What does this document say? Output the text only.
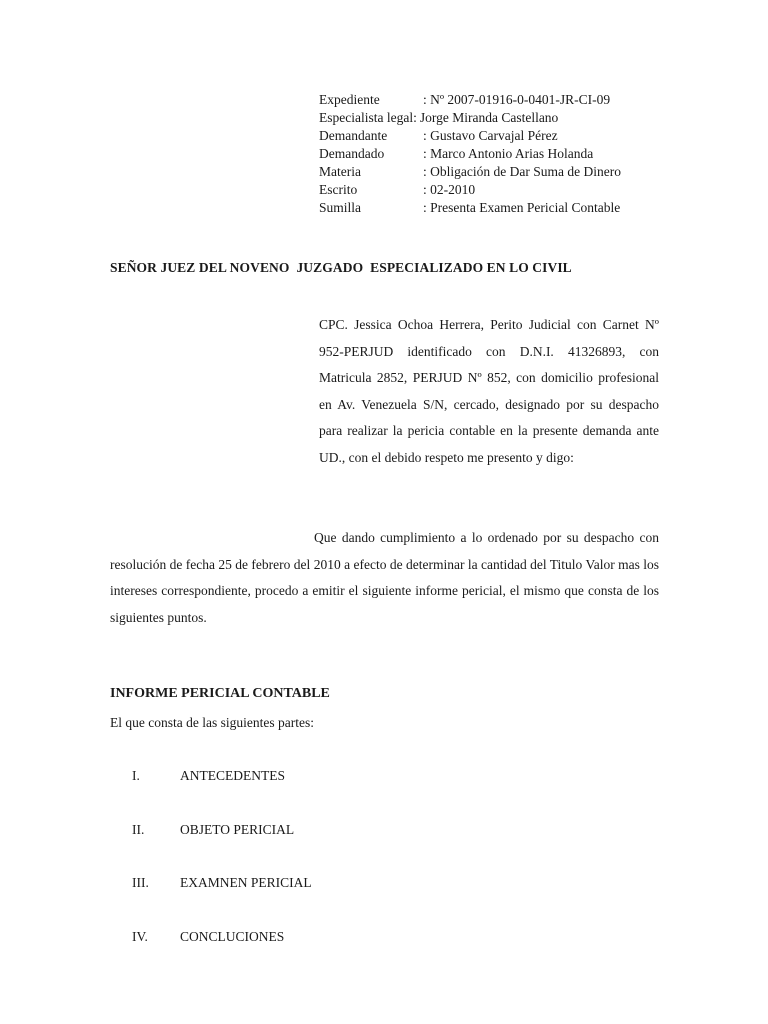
Expediente	: Nº 2007-01916-0-0401-JR-CI-09
Especialista legal: Jorge Miranda Castellano
Demandante	: Gustavo Carvajal Pérez
Demandado	: Marco Antonio Arias Holanda
Materia	: Obligación de Dar Suma de Dinero
Escrito	: 02-2010
Sumilla	: Presenta Examen Pericial Contable
SEÑOR JUEZ DEL NOVENO  JUZGADO  ESPECIALIZADO EN LO CIVIL
CPC. Jessica Ochoa Herrera, Perito Judicial con Carnet Nº 952-PERJUD identificado con D.N.I. 41326893, con Matricula 2852, PERJUD Nº 852, con domicilio profesional en Av. Venezuela S/N, cercado, designado por su despacho para realizar la pericia contable en la presente demanda ante UD., con el debido respeto me presento y digo:
Que dando cumplimiento a lo ordenado por su despacho con resolución de fecha 25 de febrero del 2010 a efecto de determinar la cantidad del Titulo Valor mas los intereses correspondiente, procedo a emitir el siguiente informe pericial, el mismo que consta de los siguientes puntos.
INFORME PERICIAL CONTABLE
El que consta de las siguientes partes:
I.	ANTECEDENTES
II.	OBJETO PERICIAL
III.	EXAMNEN PERICIAL
IV.	CONCLUCIONES
